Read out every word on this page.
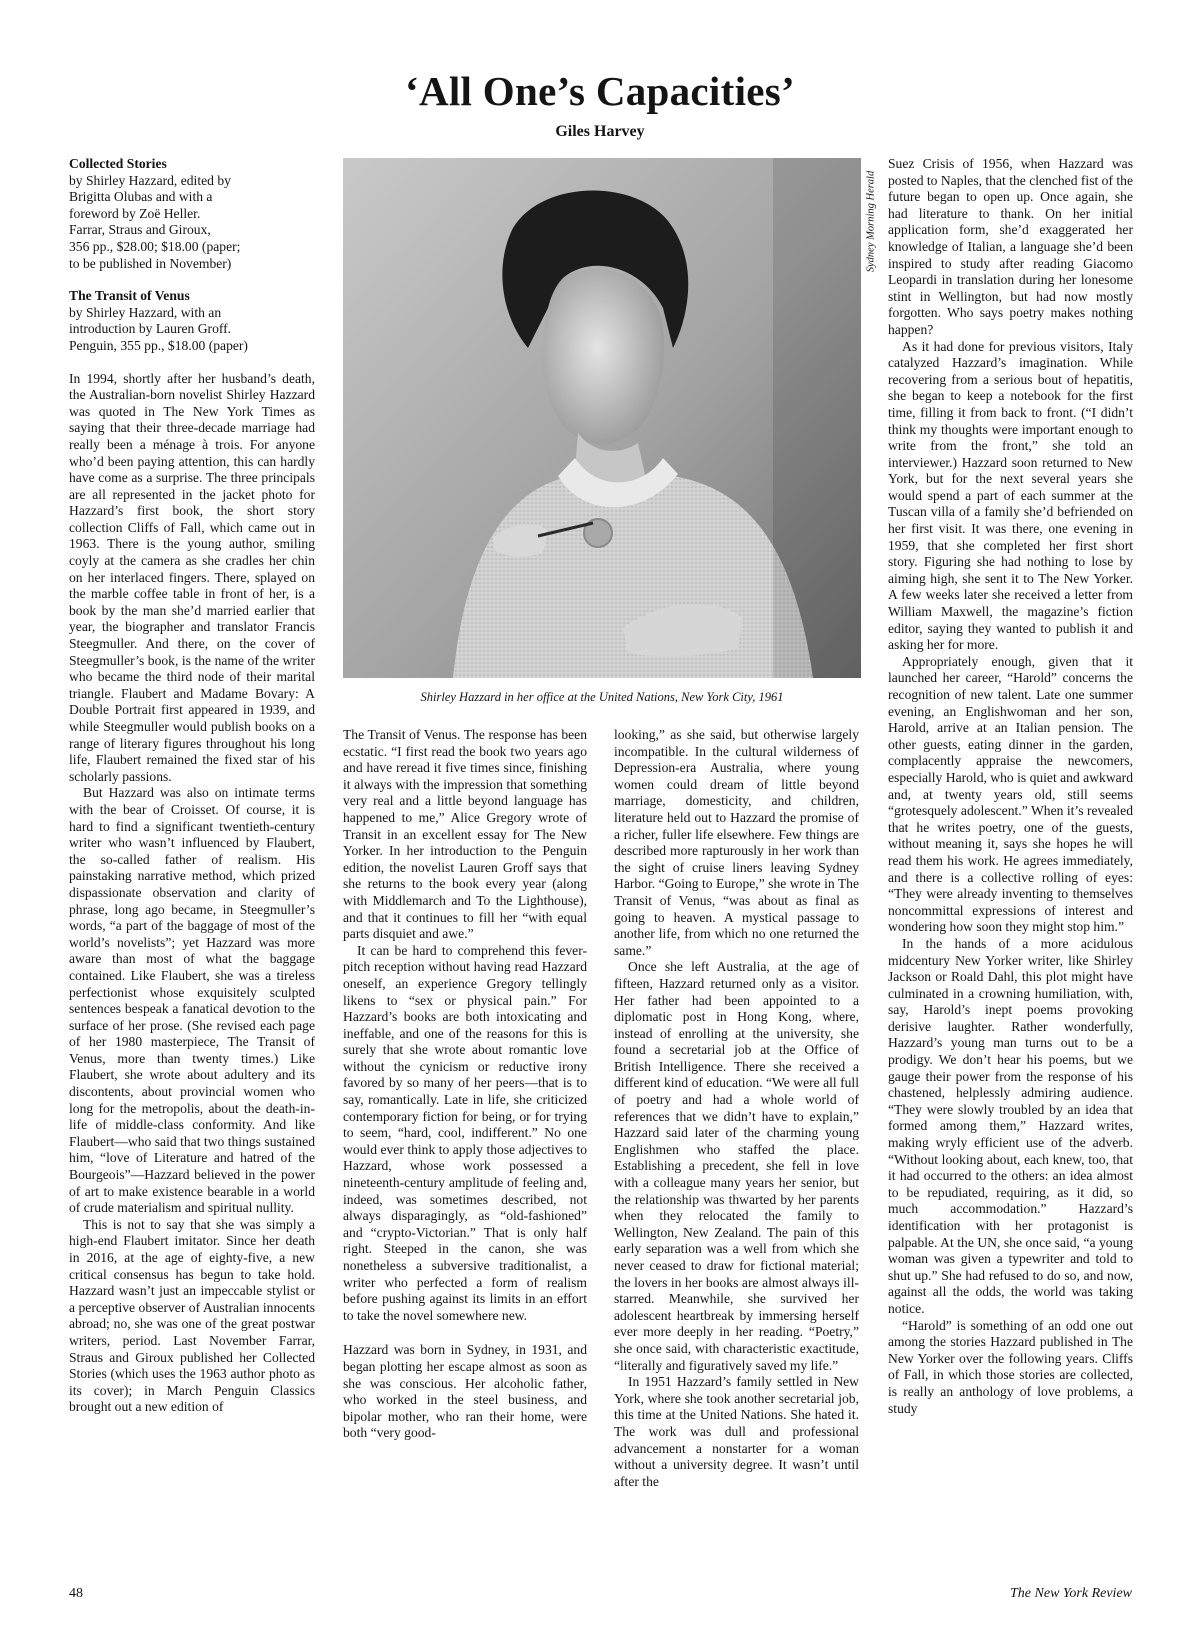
‘All One’s Capacities’
Giles Harvey
Collected Stories
by Shirley Hazzard, edited by
Brigitta Olubas and with a
foreword by Zoë Heller.
Farrar, Straus and Giroux,
356 pp., $28.00; $18.00 (paper;
to be published in November)
The Transit of Venus
by Shirley Hazzard, with an
introduction by Lauren Groff.
Penguin, 355 pp., $18.00 (paper)

In 1994, shortly after her husband’s death, the Australian-born novelist Shirley Hazzard was quoted in The New York Times as saying that their three-decade marriage had really been a ménage à trois. For anyone who’d been paying attention, this can hardly have come as a surprise. The three principals are all represented in the jacket photo for Hazzard’s first book, the short story collection Cliffs of Fall, which came out in 1963. There is the young author, smiling coyly at the camera as she cradles her chin on her interlaced fingers. There, splayed on the marble coffee table in front of her, is a book by the man she’d married earlier that year, the biographer and translator Francis Steegmuller. And there, on the cover of Steegmuller’s book, is the name of the writer who became the third node of their marital triangle. Flaubert and Madame Bovary: A Double Portrait first appeared in 1939, and while Steegmuller would publish books on a range of literary figures throughout his long life, Flaubert remained the fixed star of his scholarly passions.

But Hazzard was also on intimate terms with the bear of Croisset. Of course, it is hard to find a significant twentieth-century writer who wasn’t influenced by Flaubert, the so-called father of realism. His painstaking narrative method, which prized dispassionate observation and clarity of phrase, long ago became, in Steegmuller’s words, “a part of the baggage of most of the world’s novelists”; yet Hazzard was more aware than most of what the baggage contained. Like Flaubert, she was a tireless perfectionist whose exquisitely sculpted sentences bespeak a fanatical devotion to the surface of her prose. (She revised each page of her 1980 masterpiece, The Transit of Venus, more than twenty times.) Like Flaubert, she wrote about adultery and its discontents, about provincial women who long for the metropolis, about the death-in-life of middle-class conformity. And like Flaubert—who said that two things sustained him, “love of Literature and hatred of the Bourgeois”—Hazzard believed in the power of art to make existence bearable in a world of crude materialism and spiritual nullity.

This is not to say that she was simply a high-end Flaubert imitator. Since her death in 2016, at the age of eighty-five, a new critical consensus has begun to take hold. Hazzard wasn’t just an impeccable stylist or a perceptive observer of Australian innocents abroad; no, she was one of the great postwar writers, period. Last November Farrar, Straus and Giroux published her Collected Stories (which uses the 1963 author photo as its cover); in March Penguin Classics brought out a new edition of

Sydney Morning Herald
Shirley Hazzard in her office at the United Nations, New York City, 1961

The Transit of Venus. The response has been ecstatic. “I first read the book two years ago and have reread it five times since, finishing it always with the impression that something very real and a little beyond language has happened to me,” Alice Gregory wrote of Transit in an excellent essay for The New Yorker. In her introduction to the Penguin edition, the novelist Lauren Groff says that she returns to the book every year (along with Middlemarch and To the Lighthouse), and that it continues to fill her “with equal parts disquiet and awe.”

It can be hard to comprehend this fever-pitch reception without having read Hazzard oneself, an experience Gregory tellingly likens to “sex or physical pain.” For Hazzard’s books are both intoxicating and ineffable, and one of the reasons for this is surely that she wrote about romantic love without the cynicism or reductive irony favored by so many of her peers—that is to say, romantically. Late in life, she criticized contemporary fiction for being, or for trying to seem, “hard, cool, indifferent.” No one would ever think to apply those adjectives to Hazzard, whose work possessed a nineteenth-century amplitude of feeling and, indeed, was sometimes described, not always disparagingly, as “old-fashioned” and “crypto-Victorian.” That is only half right. Steeped in the canon, she was nonetheless a subversive traditionalist, a writer who perfected a form of realism before pushing against its limits in an effort to take the novel somewhere new.

Hazzard was born in Sydney, in 1931, and began plotting her escape almost as soon as she was conscious. Her alcoholic father, who worked in the steel business, and bipolar mother, who ran their home, were both “very good-

looking,” as she said, but otherwise largely incompatible. In the cultural wilderness of Depression-era Australia, where young women could dream of little beyond marriage, domesticity, and children, literature held out to Hazzard the promise of a richer, fuller life elsewhere. Few things are described more rapturously in her work than the sight of cruise liners leaving Sydney Harbor. “Going to Europe,” she wrote in The Transit of Venus, “was about as final as going to heaven. A mystical passage to another life, from which no one returned the same.”

Once she left Australia, at the age of fifteen, Hazzard returned only as a visitor. Her father had been appointed to a diplomatic post in Hong Kong, where, instead of enrolling at the university, she found a secretarial job at the Office of British Intelligence. There she received a different kind of education. “We were all full of poetry and had a whole world of references that we didn’t have to explain,” Hazzard said later of the charming young Englishmen who staffed the place. Establishing a precedent, she fell in love with a colleague many years her senior, but the relationship was thwarted by her parents when they relocated the family to Wellington, New Zealand. The pain of this early separation was a well from which she never ceased to draw for fictional material; the lovers in her books are almost always ill-starred. Meanwhile, she survived her adolescent heartbreak by immersing herself ever more deeply in her reading. “Poetry,” she once said, with characteristic exactitude, “literally and figuratively saved my life.”

In 1951 Hazzard’s family settled in New York, where she took another secretarial job, this time at the United Nations. She hated it. The work was dull and professional advancement a nonstarter for a woman without a university degree. It wasn’t until after the

Suez Crisis of 1956, when Hazzard was posted to Naples, that the clenched fist of the future began to open up. Once again, she had literature to thank. On her initial application form, she’d exaggerated her knowledge of Italian, a language she’d been inspired to study after reading Giacomo Leopardi in translation during her lonesome stint in Wellington, but had now mostly forgotten. Who says poetry makes nothing happen?

As it had done for previous visitors, Italy catalyzed Hazzard’s imagination. While recovering from a serious bout of hepatitis, she began to keep a notebook for the first time, filling it from back to front. (“I didn’t think my thoughts were important enough to write from the front,” she told an interviewer.) Hazzard soon returned to New York, but for the next several years she would spend a part of each summer at the Tuscan villa of a family she’d befriended on her first visit. It was there, one evening in 1959, that she completed her first short story. Figuring she had nothing to lose by aiming high, she sent it to The New Yorker. A few weeks later she received a letter from William Maxwell, the magazine’s fiction editor, saying they wanted to publish it and asking her for more.

Appropriately enough, given that it launched her career, “Harold” concerns the recognition of new talent. Late one summer evening, an Englishwoman and her son, Harold, arrive at an Italian pension. The other guests, eating dinner in the garden, complacently appraise the newcomers, especially Harold, who is quiet and awkward and, at twenty years old, still seems “grotesquely adolescent.” When it’s revealed that he writes poetry, one of the guests, without meaning it, says she hopes he will read them his work. He agrees immediately, and there is a collective rolling of eyes: “They were already inventing to themselves noncommittal expressions of interest and wondering how soon they might stop him.”

In the hands of a more acidulous midcentury New Yorker writer, like Shirley Jackson or Roald Dahl, this plot might have culminated in a crowning humiliation, with, say, Harold’s inept poems provoking derisive laughter. Rather wonderfully, Hazzard’s young man turns out to be a prodigy. We don’t hear his poems, but we gauge their power from the response of his chastened, helplessly admiring audience. “They were slowly troubled by an idea that formed among them,” Hazzard writes, making wryly efficient use of the adverb. “Without looking about, each knew, too, that it had occurred to the others: an idea almost to be repudiated, requiring, as it did, so much accommodation.” Hazzard’s identification with her protagonist is palpable. At the UN, she once said, “a young woman was given a typewriter and told to shut up.” She had refused to do so, and now, against all the odds, the world was taking notice.

“Harold” is something of an odd one out among the stories Hazzard published in The New Yorker over the following years. Cliffs of Fall, in which those stories are collected, is really an anthology of love problems, a study

48	The New York Review
